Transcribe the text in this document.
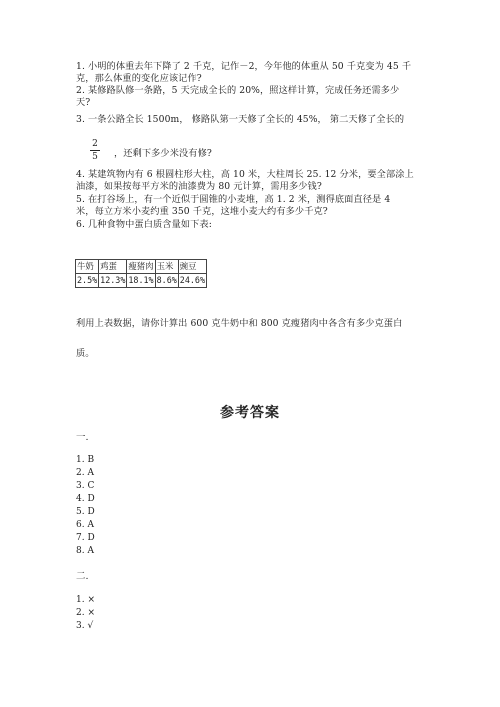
1. 小明的体重去年下降了 2 千克，记作－2，今年他的体重从 50 千克变为 45 千
克，那么体重的变化应该记作?
2. 某修路队修一条路，5 天完成全长的 20%，照这样计算，完成任务还需多少
天?
3. 一条公路全长 1500m， 修路队第一天修了全长的 45%， 第二天修了全长的
2
5 ，还剩下多少米没有修?
4. 某建筑物内有 6 根圆柱形大柱，高 10 米，大柱周长 25. 12 分米，要全部涂上
油漆，如果按每平方米的油漆费为 80 元计算，需用多少钱?
5. 在打谷场上，有一个近似于圆锥的小麦堆，高 1. 2 米，测得底面直径是 4
米，每立方米小麦约重 350 千克，这堆小麦大约有多少千克?
6. 几种食物中蛋白质含量如下表:
牛奶	鸡蛋	瘦猪肉	玉米	豌豆
2.5%	12.3%	18.1%	8.6%	24.6%
利用上表数据，请你计算出 600 克牛奶中和 800 克瘦猪肉中各含有多少克蛋白
质。
参考答案
一.
1. B
2. A
3. C
4. D
5. D
6. A
7. D
8. A
二.
1. ×
2. ×
3. √
